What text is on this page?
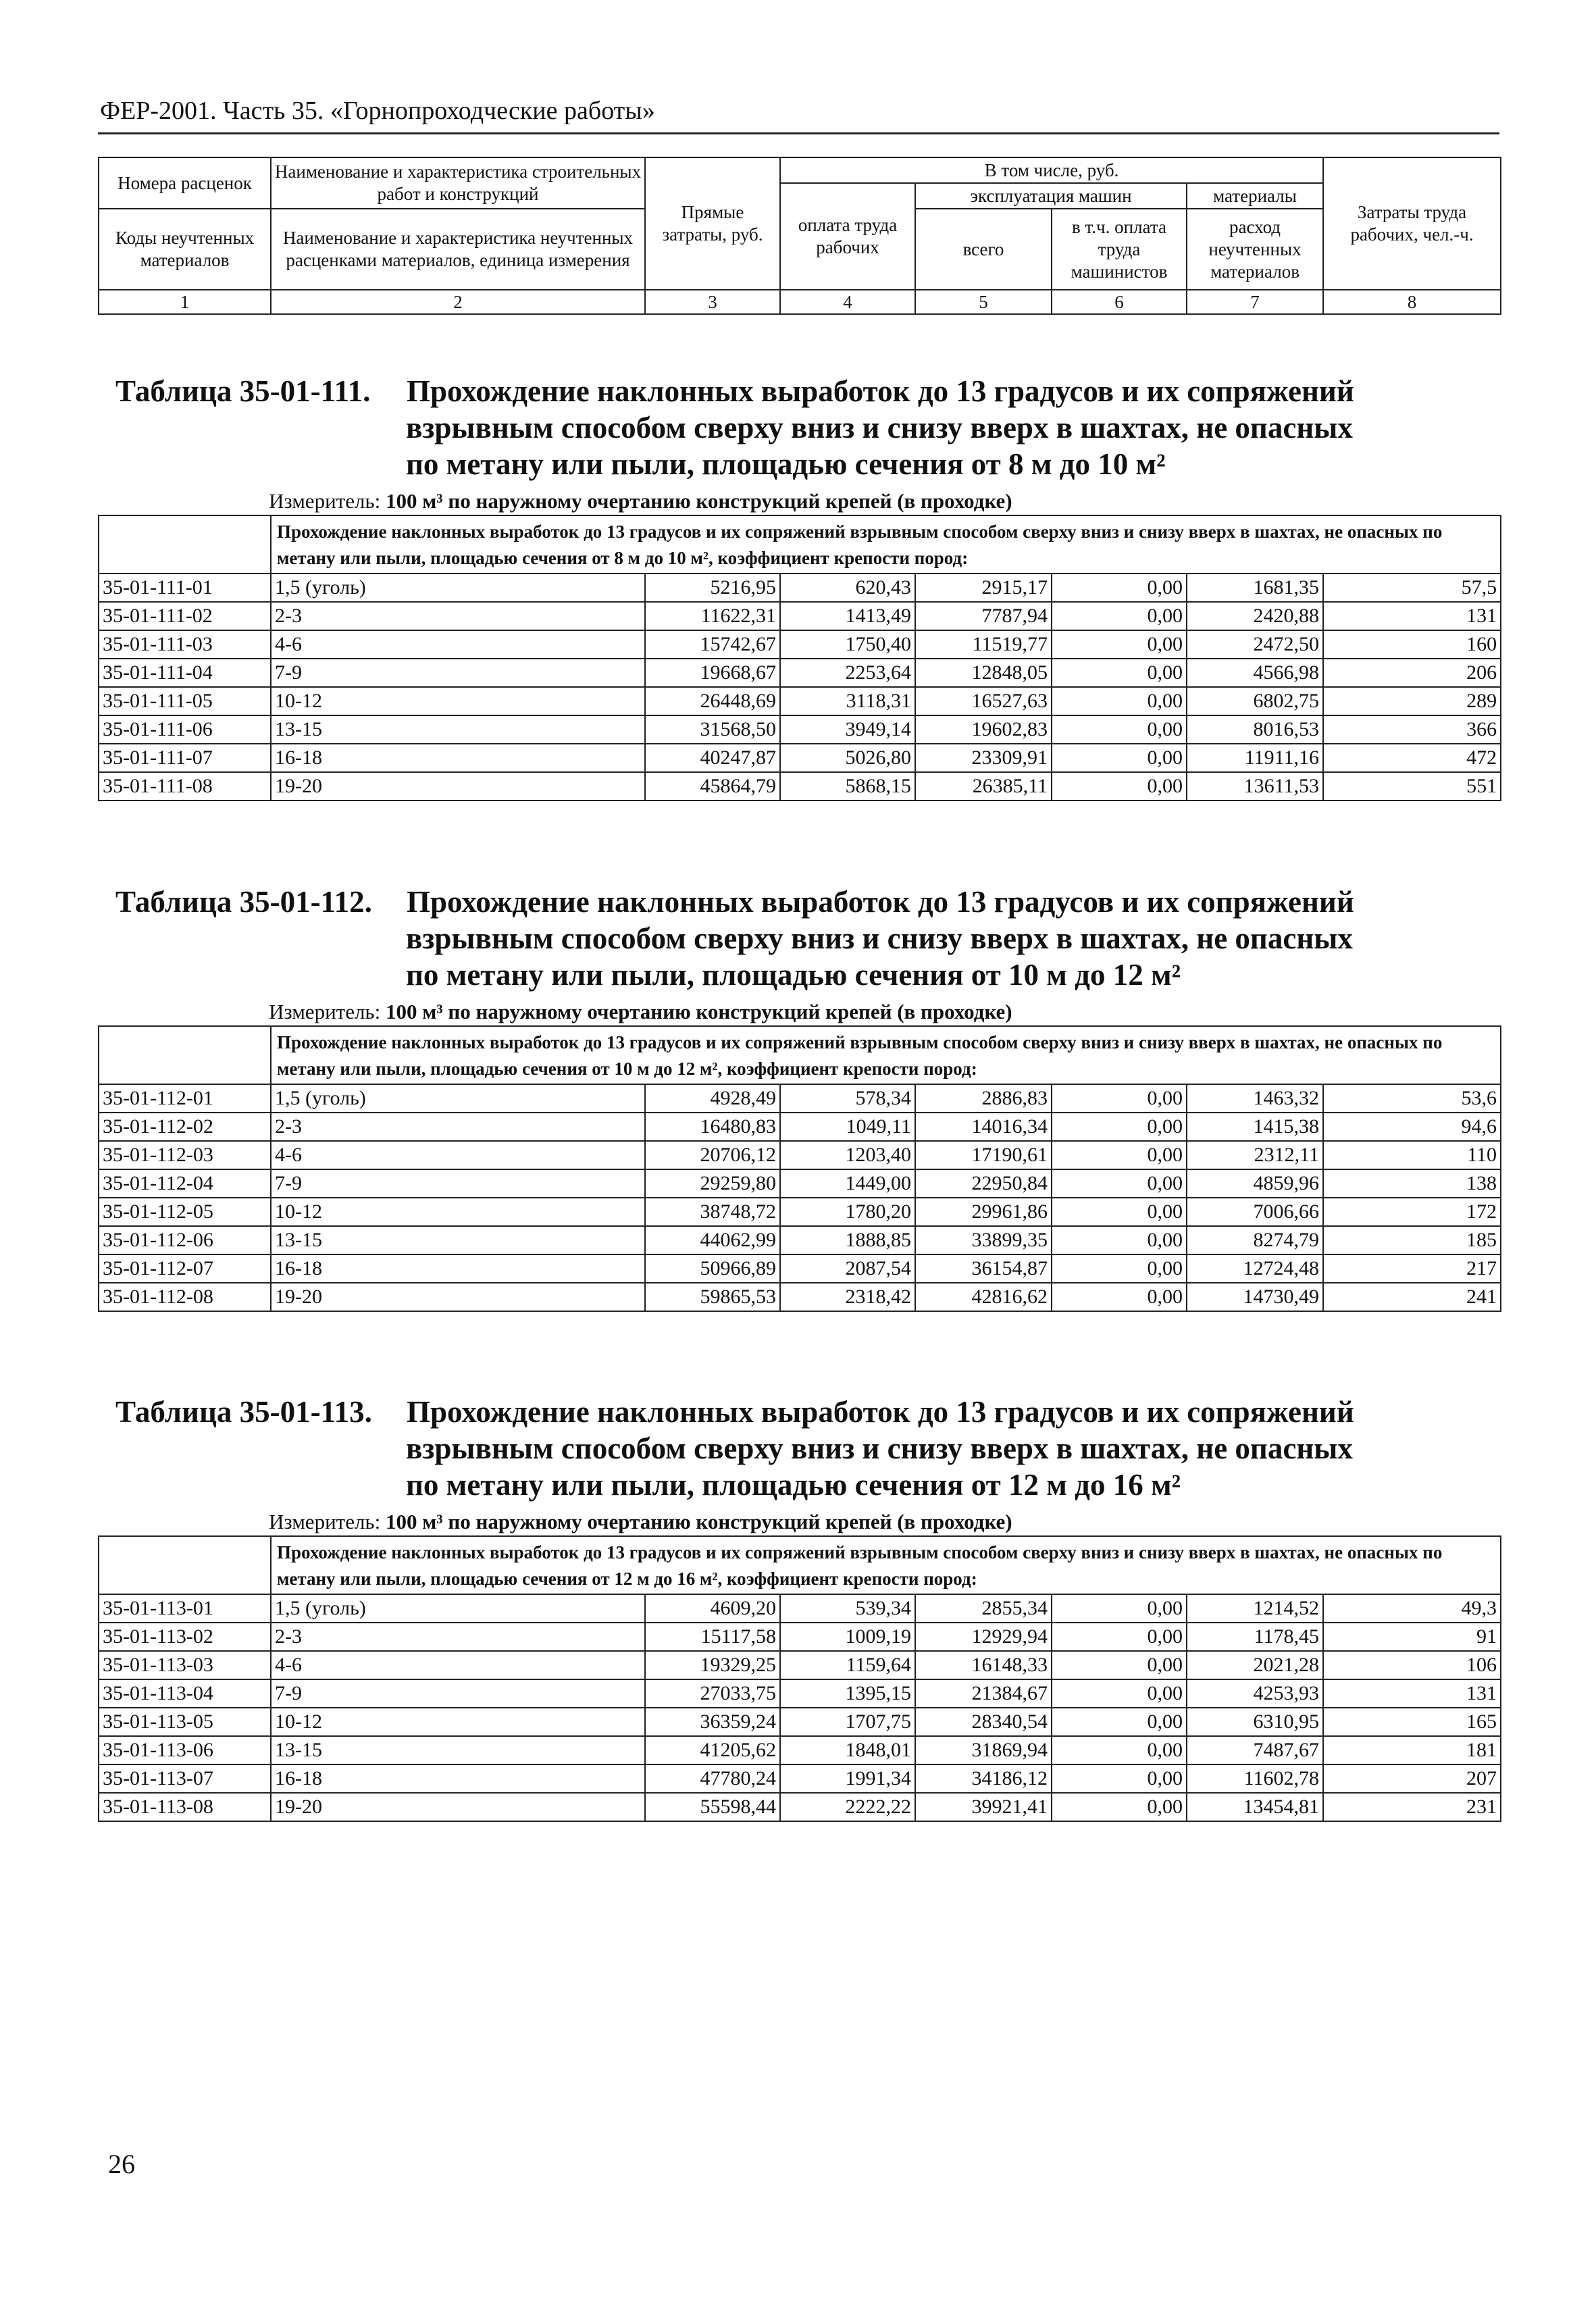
ФЕР-2001. Часть 35. «Горнопроходческие работы»
Номера расценок	Наименование и характеристика строительных работ и конструкций	Прямые затраты, руб.	В том числе, руб.				Затраты труда рабочих, чел.-ч.
			оплата труда рабочих	эксплуатация машин		материалы	
Коды неучтенных материалов	Наименование и характеристика неучтенных расценками материалов, единица измерения			всего	в т.ч. оплата труда машинистов	расход неучтенных материалов	

1	2	3	4	5	6	7	8
Таблица 35-01-111. Прохождение наклонных выработок до 13 градусов и их сопряжений
взрывным способом сверху вниз и снизу вверх в шахтах, не опасных
по метану или пыли, площадью сечения от 8 м до 10 м²
Измеритель: 100 м³ по наружному очертанию конструкций крепей (в проходке)
	Прохождение наклонных выработок до 13 градусов и их сопряжений взрывным способом сверху вниз и снизу вверх в шахтах, не опасных по метану или пыли, площадью сечения от 8 м до 10 м², коэффициент крепости пород:						
35-01-111-01	1,5 (уголь)	5216,95	620,43	2915,17	0,00	1681,35	57,5
35-01-111-02	2-3	11622,31	1413,49	7787,94	0,00	2420,88	131
35-01-111-03	4-6	15742,67	1750,40	11519,77	0,00	2472,50	160
35-01-111-04	7-9	19668,67	2253,64	12848,05	0,00	4566,98	206
35-01-111-05	10-12	26448,69	3118,31	16527,63	0,00	6802,75	289
35-01-111-06	13-15	31568,50	3949,14	19602,83	0,00	8016,53	366
35-01-111-07	16-18	40247,87	5026,80	23309,91	0,00	11911,16	472
35-01-111-08	19-20	45864,79	5868,15	26385,11	0,00	13611,53	551
Таблица 35-01-112. Прохождение наклонных выработок до 13 градусов и их сопряжений
взрывным способом сверху вниз и снизу вверх в шахтах, не опасных
по метану или пыли, площадью сечения от 10 м до 12 м²
Измеритель: 100 м³ по наружному очертанию конструкций крепей (в проходке)
	Прохождение наклонных выработок до 13 градусов и их сопряжений взрывным способом сверху вниз и снизу вверх в шахтах, не опасных по метану или пыли, площадью сечения от 10 м до 12 м², коэффициент крепости пород:						
35-01-112-01	1,5 (уголь)	4928,49	578,34	2886,83	0,00	1463,32	53,6
35-01-112-02	2-3	16480,83	1049,11	14016,34	0,00	1415,38	94,6
35-01-112-03	4-6	20706,12	1203,40	17190,61	0,00	2312,11	110
35-01-112-04	7-9	29259,80	1449,00	22950,84	0,00	4859,96	138
35-01-112-05	10-12	38748,72	1780,20	29961,86	0,00	7006,66	172
35-01-112-06	13-15	44062,99	1888,85	33899,35	0,00	8274,79	185
35-01-112-07	16-18	50966,89	2087,54	36154,87	0,00	12724,48	217
35-01-112-08	19-20	59865,53	2318,42	42816,62	0,00	14730,49	241
Таблица 35-01-113. Прохождение наклонных выработок до 13 градусов и их сопряжений
взрывным способом сверху вниз и снизу вверх в шахтах, не опасных
по метану или пыли, площадью сечения от 12 м до 16 м²
Измеритель: 100 м³ по наружному очертанию конструкций крепей (в проходке)
	Прохождение наклонных выработок до 13 градусов и их сопряжений взрывным способом сверху вниз и снизу вверх в шахтах, не опасных по метану или пыли, площадью сечения от 12 м до 16 м², коэффициент крепости пород:						
35-01-113-01	1,5 (уголь)	4609,20	539,34	2855,34	0,00	1214,52	49,3
35-01-113-02	2-3	15117,58	1009,19	12929,94	0,00	1178,45	91
35-01-113-03	4-6	19329,25	1159,64	16148,33	0,00	2021,28	106
35-01-113-04	7-9	27033,75	1395,15	21384,67	0,00	4253,93	131
35-01-113-05	10-12	36359,24	1707,75	28340,54	0,00	6310,95	165
35-01-113-06	13-15	41205,62	1848,01	31869,94	0,00	7487,67	181
35-01-113-07	16-18	47780,24	1991,34	34186,12	0,00	11602,78	207
35-01-113-08	19-20	55598,44	2222,22	39921,41	0,00	13454,81	231
26
